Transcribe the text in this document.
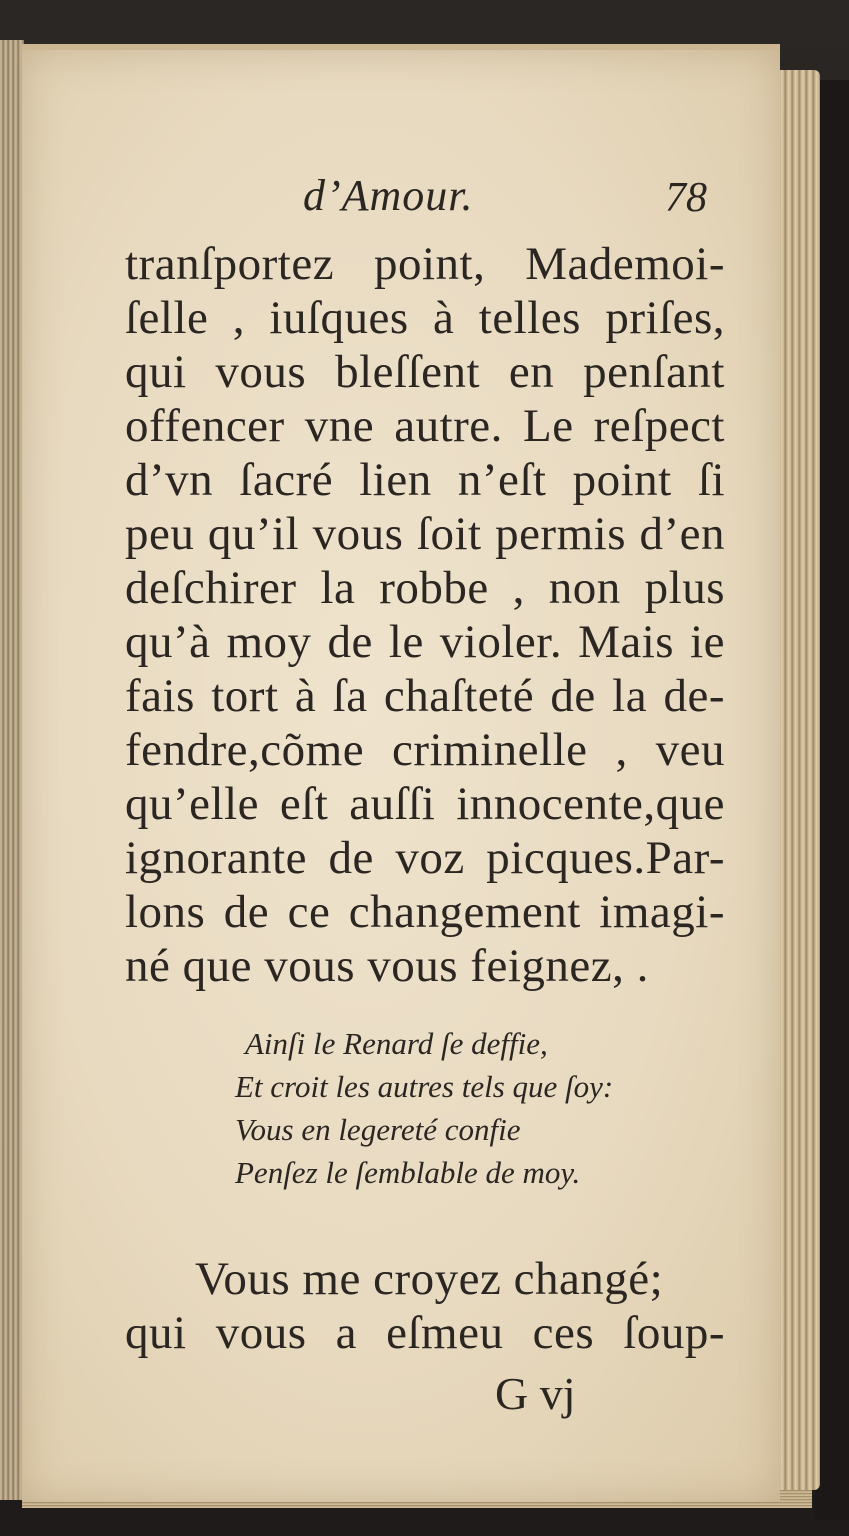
d’Amour.	78
tranſportez point, Mademoi-
ſelle , iuſques à telles priſes,
qui vous bleſſent en penſant
offencer vne autre. Le reſpect
d’vn ſacré lien n’eſt point ſi
peu qu’il vous ſoit permis d’en
deſchirer la robbe , non plus
qu’à moy de le violer. Mais ie
fais tort à ſa chaſteté de la de-
fendre,cõme criminelle , veu
qu’elle eſt auſſi innocente,que
ignorante de voz picques.Par-
lons de ce changement imagi-
né que vous vous feignez, .
Ainſi le Renard ſe deffie,
Et croit les autres tels que ſoy:
Vous en legereté confie
Penſez le ſemblable de moy.
Vous me croyez changé;
qui vous a eſmeu ces ſoup-
G vj
